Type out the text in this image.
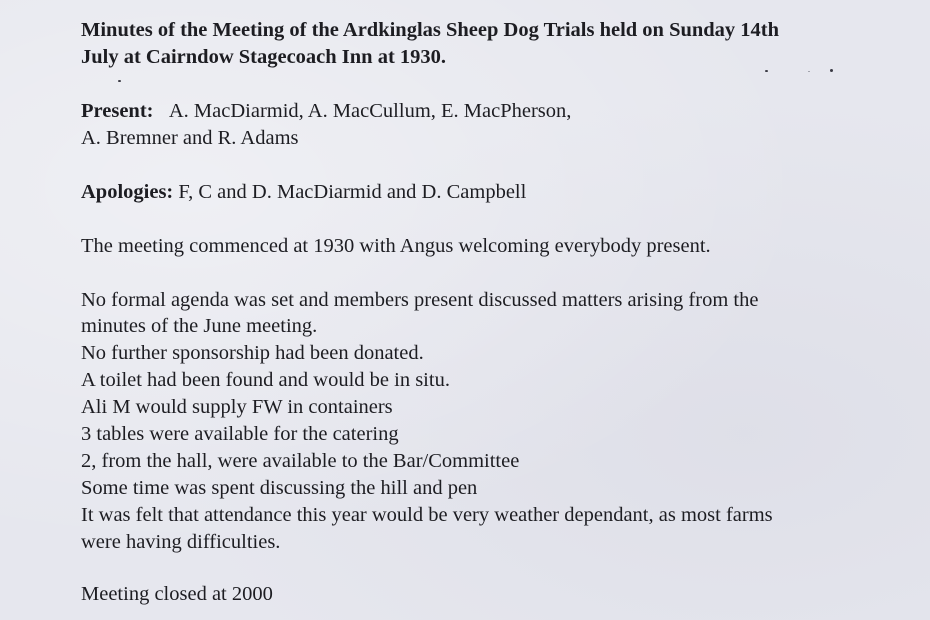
Minutes of the Meeting of the Ardkinglas Sheep Dog Trials held on Sunday 14th
July at Cairndow Stagecoach Inn at 1930.
Present: A. MacDiarmid, A. MacCullum, E. MacPherson,
A. Bremner and R. Adams
Apologies: F, C and D. MacDiarmid and D. Campbell
The meeting commenced at 1930 with Angus welcoming everybody present.
No formal agenda was set and members present discussed matters arising from the
minutes of the June meeting.
No further sponsorship had been donated.
A toilet had been found and would be in situ.
Ali M would supply FW in containers
3 tables were available for the catering
2, from the hall, were available to the Bar/Committee
Some time was spent discussing the hill and pen
It was felt that attendance this year would be very weather dependant, as most farms
were having difficulties.
Meeting closed at 2000
